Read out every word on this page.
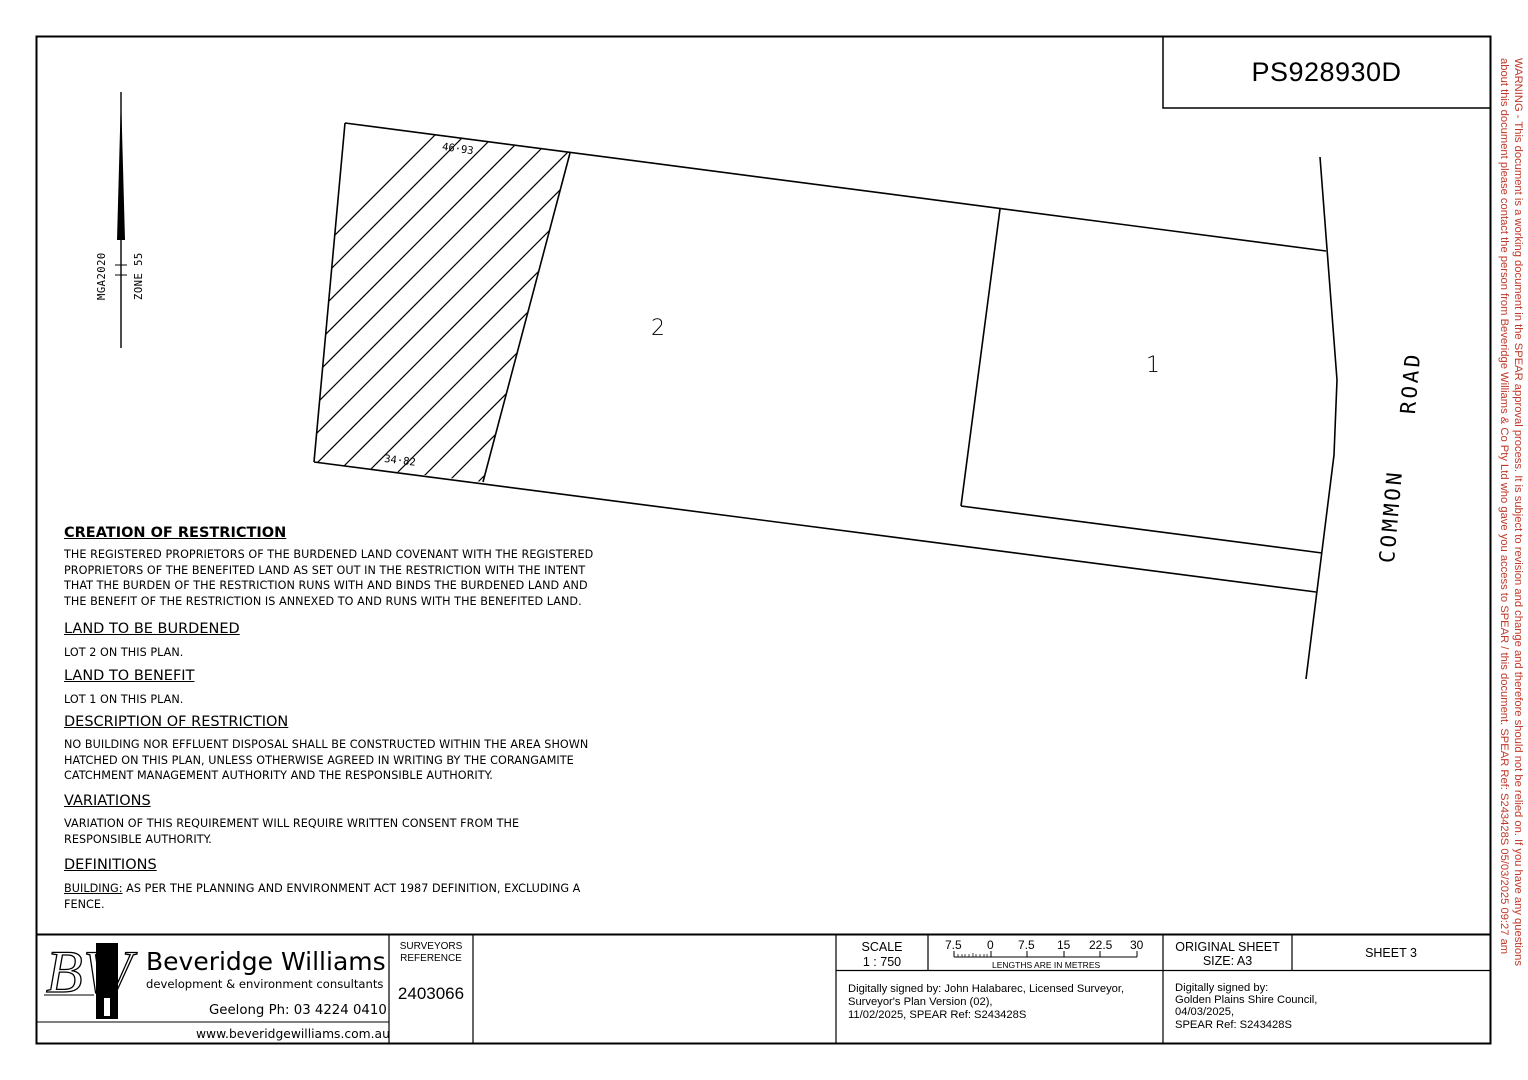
PS928930D
MGA2020 ZONE 55
2
1
46·93
34·82
COMMON
ROAD
CREATION OF RESTRICTION
THE REGISTERED PROPRIETORS OF THE BURDENED LAND COVENANT WITH THE REGISTERED
PROPRIETORS OF THE BENEFITED LAND AS SET OUT IN THE RESTRICTION WITH THE INTENT
THAT THE BURDEN OF THE RESTRICTION RUNS WITH AND BINDS THE BURDENED LAND AND
THE BENEFIT OF THE RESTRICTION IS ANNEXED TO AND RUNS WITH THE BENEFITED LAND.
LAND TO BE BURDENED
LOT 2 ON THIS PLAN.
LAND TO BENEFIT
LOT 1 ON THIS PLAN.
DESCRIPTION OF RESTRICTION
NO BUILDING NOR EFFLUENT DISPOSAL SHALL BE CONSTRUCTED WITHIN THE AREA SHOWN
HATCHED ON THIS PLAN, UNLESS OTHERWISE AGREED IN WRITING BY THE CORANGAMITE
CATCHMENT MANAGEMENT AUTHORITY AND THE RESPONSIBLE AUTHORITY.
VARIATIONS
VARIATION OF THIS REQUIREMENT WILL REQUIRE WRITTEN CONSENT FROM THE
RESPONSIBLE AUTHORITY.
DEFINITIONS
BUILDING: AS PER THE PLANNING AND ENVIRONMENT ACT 1987 DEFINITION, EXCLUDING A
FENCE.
BW Beveridge Williams
development & environment consultants
Geelong Ph: 03 4224 0410
www.beveridgewilliams.com.au
SURVEYORS
REFERENCE
2403066
SCALE
1 : 750
7.5 0 7.5 15 22.5 30
LENGTHS ARE IN METRES
ORIGINAL SHEET
SIZE: A3
SHEET 3
Digitally signed by: John Halabarec, Licensed Surveyor,
Surveyor's Plan Version (02),
11/02/2025, SPEAR Ref: S243428S
Digitally signed by:
Golden Plains Shire Council,
04/03/2025,
SPEAR Ref: S243428S
WARNING - This document is a working document in the SPEAR approval process. It is subject to revision and change and therefore should not be relied on. If you have any questions
about this document please contact the person from Beveridge Williams & Co Pty Ltd who gave you access to SPEAR / this document. SPEAR Ref: S243428S 05/03/2025 09:27 am
